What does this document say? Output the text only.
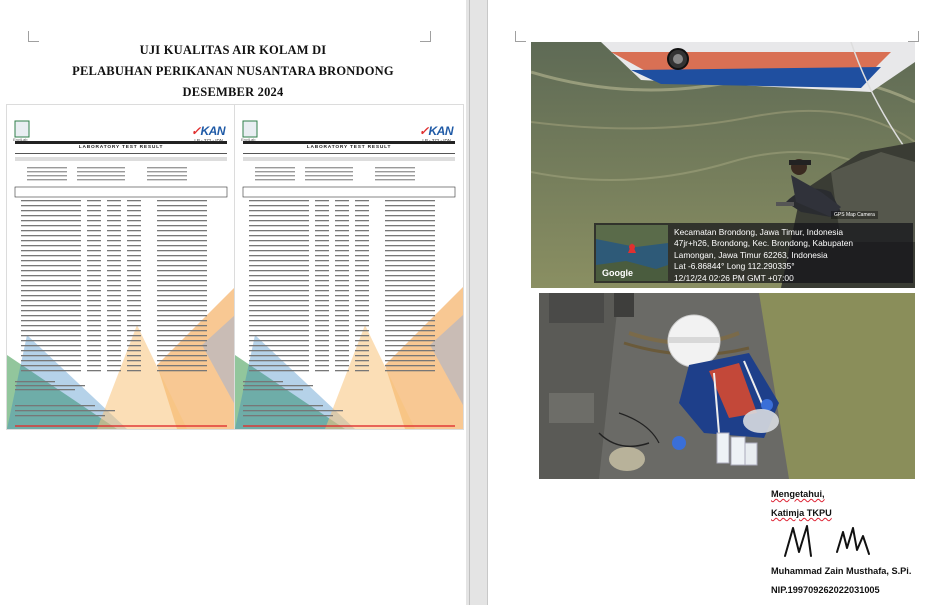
UJI KUALITAS AIR KOLAM DI
PELABUHAN PERIKANAN NUSANTARA BRONDONG
DESEMBER 2024
EnviLab
✓KAN
LP - 372 - IDN
LABORATORY TEST RESULT
EnviLab
✓KAN
LP - 372 - IDN
LABORATORY TEST RESULT
GPS Map Camera
Google
Kecamatan Brondong, Jawa Timur, Indonesia
47jr+h26, Brondong, Kec. Brondong, Kabupaten
Lamongan, Jawa Timur 62263, Indonesia
Lat -6.86844° Long 112.290335°
12/12/24 02:26 PM GMT +07:00
Mengetahui,
Katimja TKPU
Muhammad Zain Musthafa, S.Pi.
NIP.199709262022031005
